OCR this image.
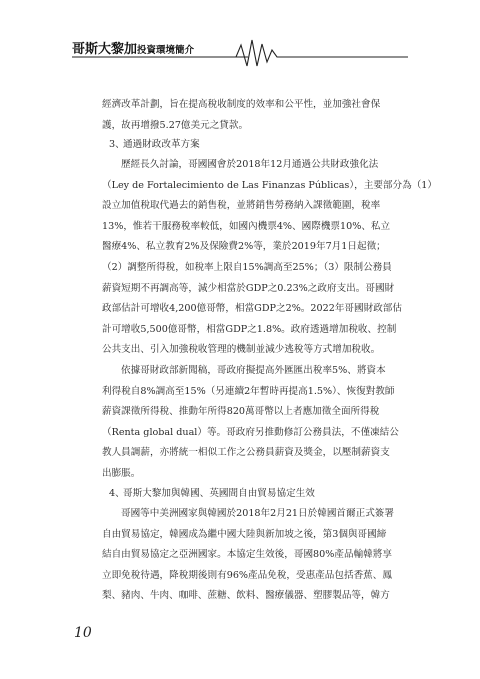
哥斯大黎加投資環境簡介
經濟改革計劃，旨在提高稅收制度的效率和公平性，並加強社會保
護，故再增撥5.27億美元之貸款。
3、通過財政改革方案
歷經長久討論，哥國國會於2018年12月通過公共財政強化法
（Ley de Fortalecimiento de Las Finanzas Públicas），主要部分為（1）
設立加值稅取代過去的銷售稅，並將銷售勞務納入課徵範圍，稅率
13%，惟若干服務稅率較低，如國內機票4%、國際機票10%、私立
醫療4%、私立教育2%及保險費2%等，業於2019年7月1日起徵；
（2）調整所得稅，如稅率上限自15%調高至25%；（3）限制公務員
薪資短期不再調高等，減少相當於GDP之0.23%之政府支出。哥國財
政部估計可增收4,200億哥幣，相當GDP之2%。2022年哥國財政部估
計可增收5,500億哥幣，相當GDP之1.8%。政府透過增加稅收、控制
公共支出、引入加強稅收管理的機制並減少逃稅等方式增加稅收。
依據哥財政部新聞稿，哥政府擬提高外匯匯出稅率5%、將資本
利得稅自8%調高至15%（另連續2年暫時再提高1.5%）、恢復對教師
薪資課徵所得稅、推動年所得820萬哥幣以上者應加徵全面所得稅
（Renta global dual）等。哥政府另推動修訂公務員法，不僅凍結公
教人員調薪，亦將統一相似工作之公務員薪資及獎金，以壓制薪資支
出膨脹。
4、哥斯大黎加與韓國、英國間自由貿易協定生效
哥國等中美洲國家與韓國於2018年2月21日於韓國首爾正式簽署
自由貿易協定，韓國成為繼中國大陸與新加坡之後，第3個與哥國締
結自由貿易協定之亞洲國家。本協定生效後，哥國80%產品輸韓將享
立即免稅待遇，降稅期後則有96%產品免稅，受惠產品包括香蕉、鳳
梨、豬肉、牛肉、咖啡、蔗糖、飲料、醫療儀器、塑膠製品等，韓方

10
